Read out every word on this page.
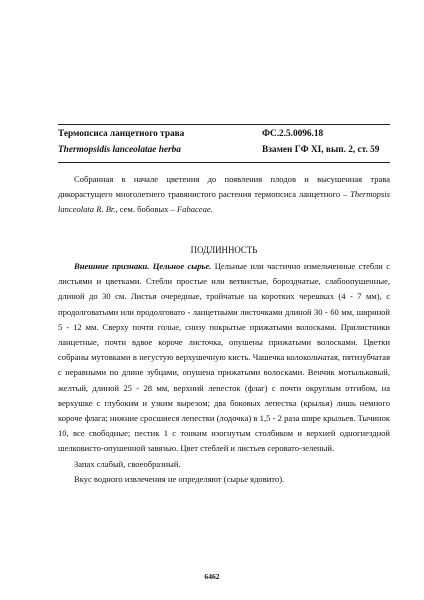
Термопсиса ланцетного трава	ФС.2.5.0096.18
Thermopsidis lanceolatae herba	Взамен ГФ XI, вып. 2, ст. 59

Собранная в начале цветения до появления плодов и высушенная трава дикорастущего многолетнего травянистого растения термопсиса ланцетного – Thermopsis lanceolata R. Br., сем. бобовых – Fabaceae.

ПОДЛИННОСТЬ

Внешние признаки. Цельное сырье. Цельные или частично измельченные стебли с листьями и цветками. Стебли простые или ветвистые, бороздчатые, слабоопушенные, длиной до 30 см. Листья очередные, тройчатые на коротких черешках (4 - 7 мм), с продолговатыми или продолговато - ланцетными листочками длиной 30 - 60 мм, шириной 5 - 12 мм. Сверху почти голые, снизу покрытые прижатыми волосками. Прилистники ланцетные, почти вдвое короче листочка, опушены прижатыми волосками. Цветки собраны мутовками в негустую верхушечную кисть. Чашечка колокольчатая, пятизубчатая с неравными по длине зубцами, опушена прижатыми волосками. Венчик мотыльковый, желтый, длиной 25 - 28 мм, верхний лепесток (флаг) с почти округлым отгибом, на верхушке с глубоким и узким вырезом; два боковых лепестка (крылья) лишь немного короче флага; нижние сросшиеся лепестки (лодочка) в 1,5 - 2 раза шире крыльев. Тычинок 10, все свободные; пестик 1 с тонким изогнутым столбиком и верхней одногнездной шелковисто-опушенной завязью. Цвет стеблей и листьев серовато-зеленый.

Запах слабый, своеобразный.

Вкус водного извлечения не определяют (сырье ядовито).

6462
